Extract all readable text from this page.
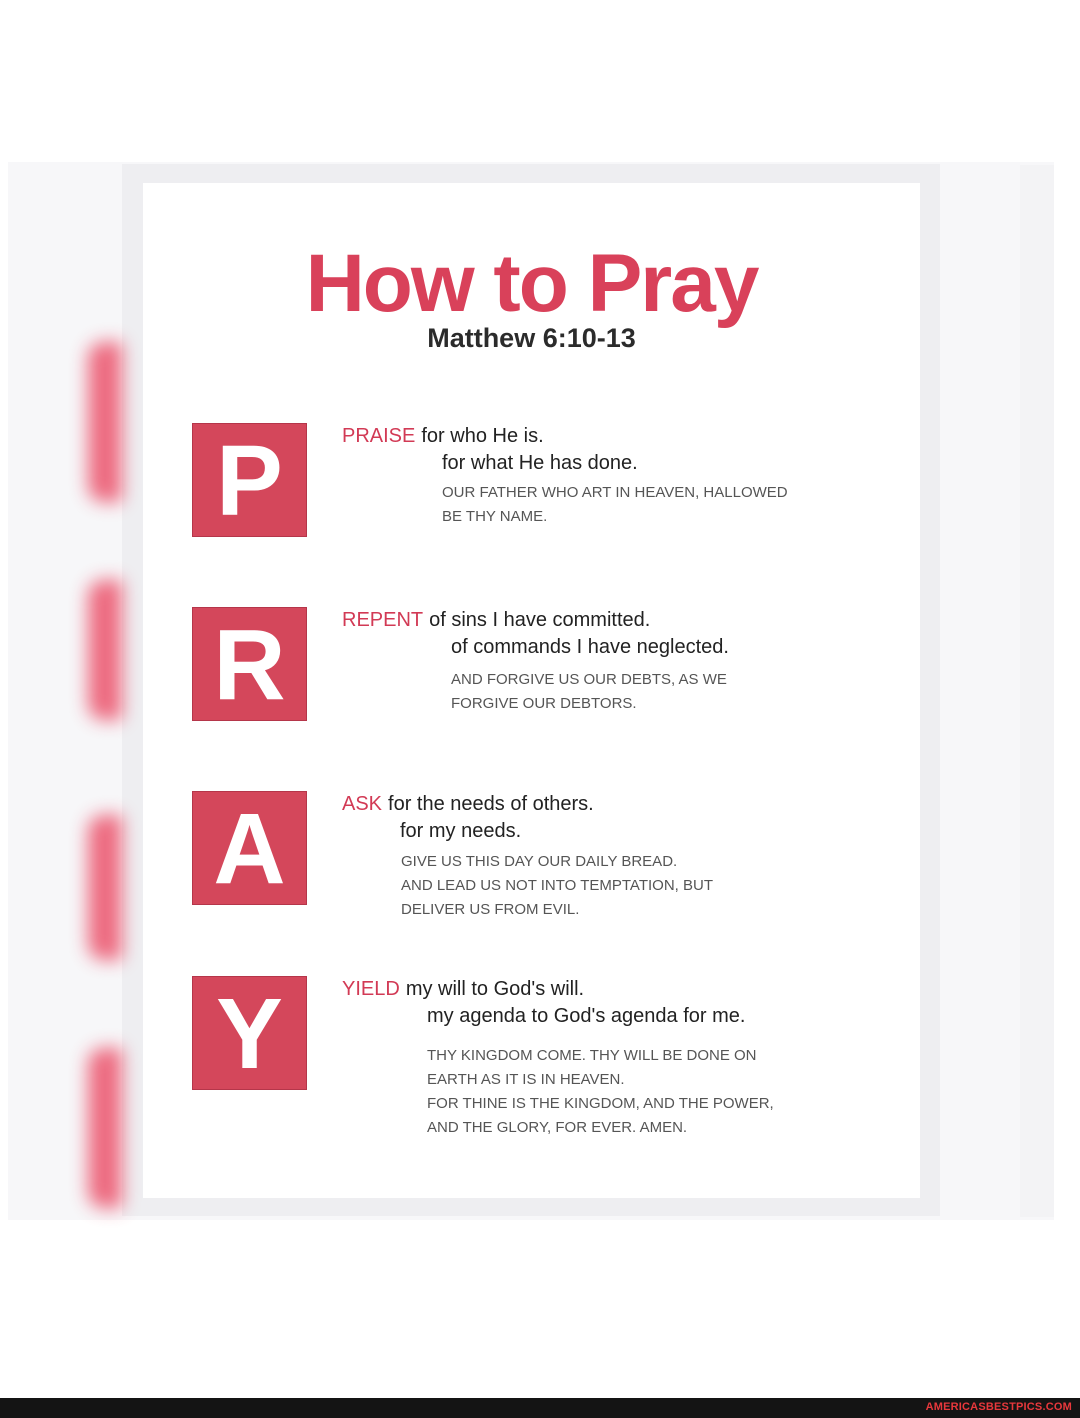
How to Pray
Matthew 6:10-13
P	PRAISE for who He is.
for what He has done.
OUR FATHER WHO ART IN HEAVEN, HALLOWED
BE THY NAME.
R	REPENT of sins I have committed.
of commands I have neglected.
AND FORGIVE US OUR DEBTS, AS WE
FORGIVE OUR DEBTORS.
A	ASK for the needs of others.
for my needs.
GIVE US THIS DAY OUR DAILY BREAD.
AND LEAD US NOT INTO TEMPTATION, BUT
DELIVER US FROM EVIL.
Y	YIELD my will to God's will.
my agenda to God's agenda for me.
THY KINGDOM COME. THY WILL BE DONE ON
EARTH AS IT IS IN HEAVEN.
FOR THINE IS THE KINGDOM, AND THE POWER,
AND THE GLORY, FOR EVER. AMEN.
AMERICASBESTPICS.COM
